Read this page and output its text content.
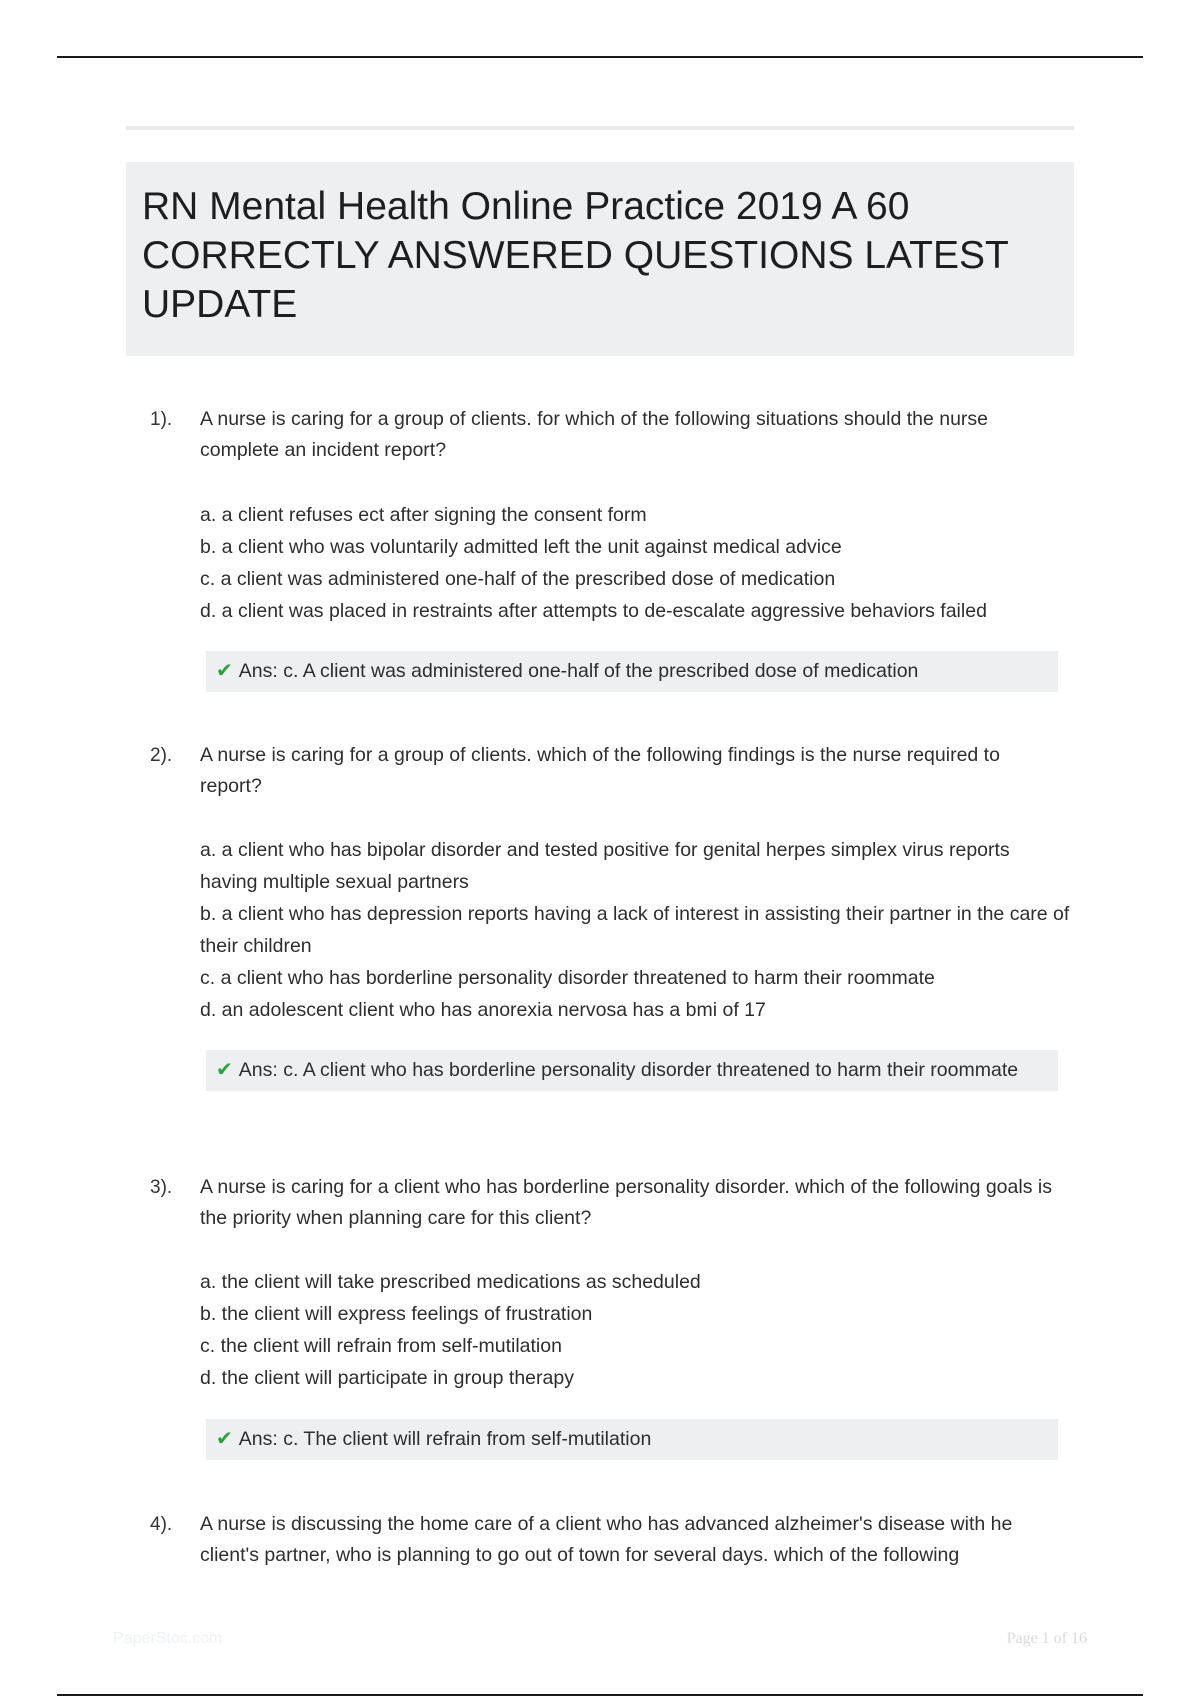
RN Mental Health Online Practice 2019 A 60 CORRECTLY ANSWERED QUESTIONS LATEST UPDATE
1). A nurse is caring for a group of clients. for which of the following situations should the nurse complete an incident report?
a. a client refuses ect after signing the consent form
b. a client who was voluntarily admitted left the unit against medical advice
c. a client was administered one-half of the prescribed dose of medication
d. a client was placed in restraints after attempts to de-escalate aggressive behaviors failed
✔ Ans: c. A client was administered one-half of the prescribed dose of medication
2). A nurse is caring for a group of clients. which of the following findings is the nurse required to report?
a. a client who has bipolar disorder and tested positive for genital herpes simplex virus reports having multiple sexual partners
b. a client who has depression reports having a lack of interest in assisting their partner in the care of their children
c. a client who has borderline personality disorder threatened to harm their roommate
d. an adolescent client who has anorexia nervosa has a bmi of 17
✔ Ans: c. A client who has borderline personality disorder threatened to harm their roommate
3). A nurse is caring for a client who has borderline personality disorder. which of the following goals is the priority when planning care for this client?
a. the client will take prescribed medications as scheduled
b. the client will express feelings of frustration
c. the client will refrain from self-mutilation
d. the client will participate in group therapy
✔ Ans: c. The client will refrain from self-mutilation
4). A nurse is discussing the home care of a client who has advanced alzheimer's disease with he client's partner, who is planning to go out of town for several days. which of the following
PaperStoc.com	Page 1 of 16
